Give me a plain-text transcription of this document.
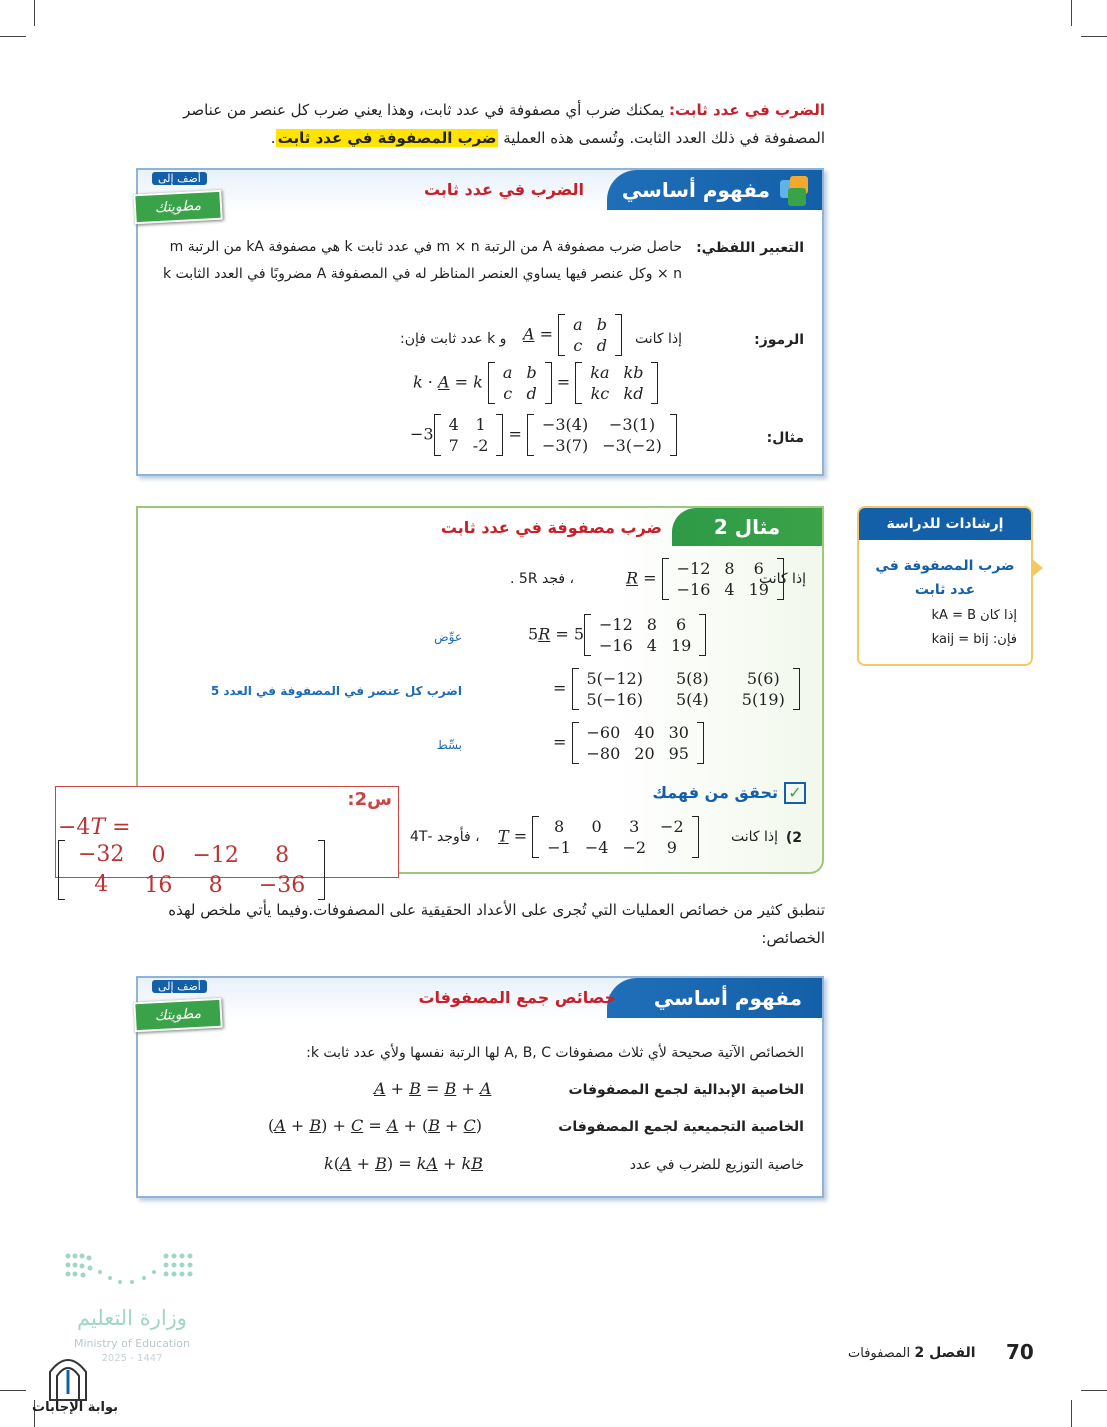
الضرب في عدد ثابت: يمكنك ضرب أي مصفوفة في عدد ثابت، وهذا يعني ضرب كل عنصر من عناصر المصفوفة في ذلك العدد الثابت. وتُسمى هذه العملية ضرب المصفوفة في عدد ثابت.
مفهوم أساسي
الضرب في عدد ثابت
أضف إلى
مطويتك
التعبير اللفظي:
حاصل ضرب مصفوفة A من الرتبة m × n في عدد ثابت k هي مصفوفة kA من الرتبة m × n وكل عنصر فيها يساوي العنصر المناظر له في المصفوفة A مضروبًا في العدد الثابت k
الرموز:
إذا كانت
A = a	b
c	d
و k عدد ثابت فإن:
k · A = k a	b
c	d
= ka	kb
kc	kd
مثال:
−3 4	1
7	-2
= −3(4)	−3(1)
−3(7)	−3(−2)
مثال 2
ضرب مصفوفة في عدد ثابت
إذا كانت
R = −12	8	6
−16	4	19
، فجد 5R .
5R = 5 −12	8	6
−16	4	19
عوِّض
= 5(−12)	5(8)	5(6)
5(−16)	5(4)	5(19)
اضرب كل عنصر في المصفوفة في العدد 5
= −60	40	30
−80	20	95
بسِّط
✓تحقق من فهمك
2)
إذا كانت
T = 8	0	3	−2
−1	−4	−2	9
، فأوجد -4T
س2:
−4T =
−32	0	−12	8
4	16	8	−36
إرشادات للدراسة
ضرب المصفوفة في
عدد ثابت
إذا كان kA = B
فإن: kaij = bij
تنطبق كثير من خصائص العمليات التي تُجرى على الأعداد الحقيقية على المصفوفات.وفيما يأتي ملخص لهذه الخصائص:
مفهوم أساسي
خصائص جمع المصفوفات
أضف إلى
مطويتك
الخصائص الآتية صحيحة لأي ثلاث مصفوفات A, B, C لها الرتبة نفسها ولأي عدد ثابت k:
الخاصية الإبدالية لجمع المصفوفات
A + B = B + A
الخاصية التجميعية لجمع المصفوفات
(A + B) + C = A + (B + C)
خاصية التوزيع للضرب في عدد
k(A + B) = kA + kB
وزارة التعليم
Ministry of Education
2025 - 1447
بوابة الإجابات
الفصل 2 المصفوفات	70
